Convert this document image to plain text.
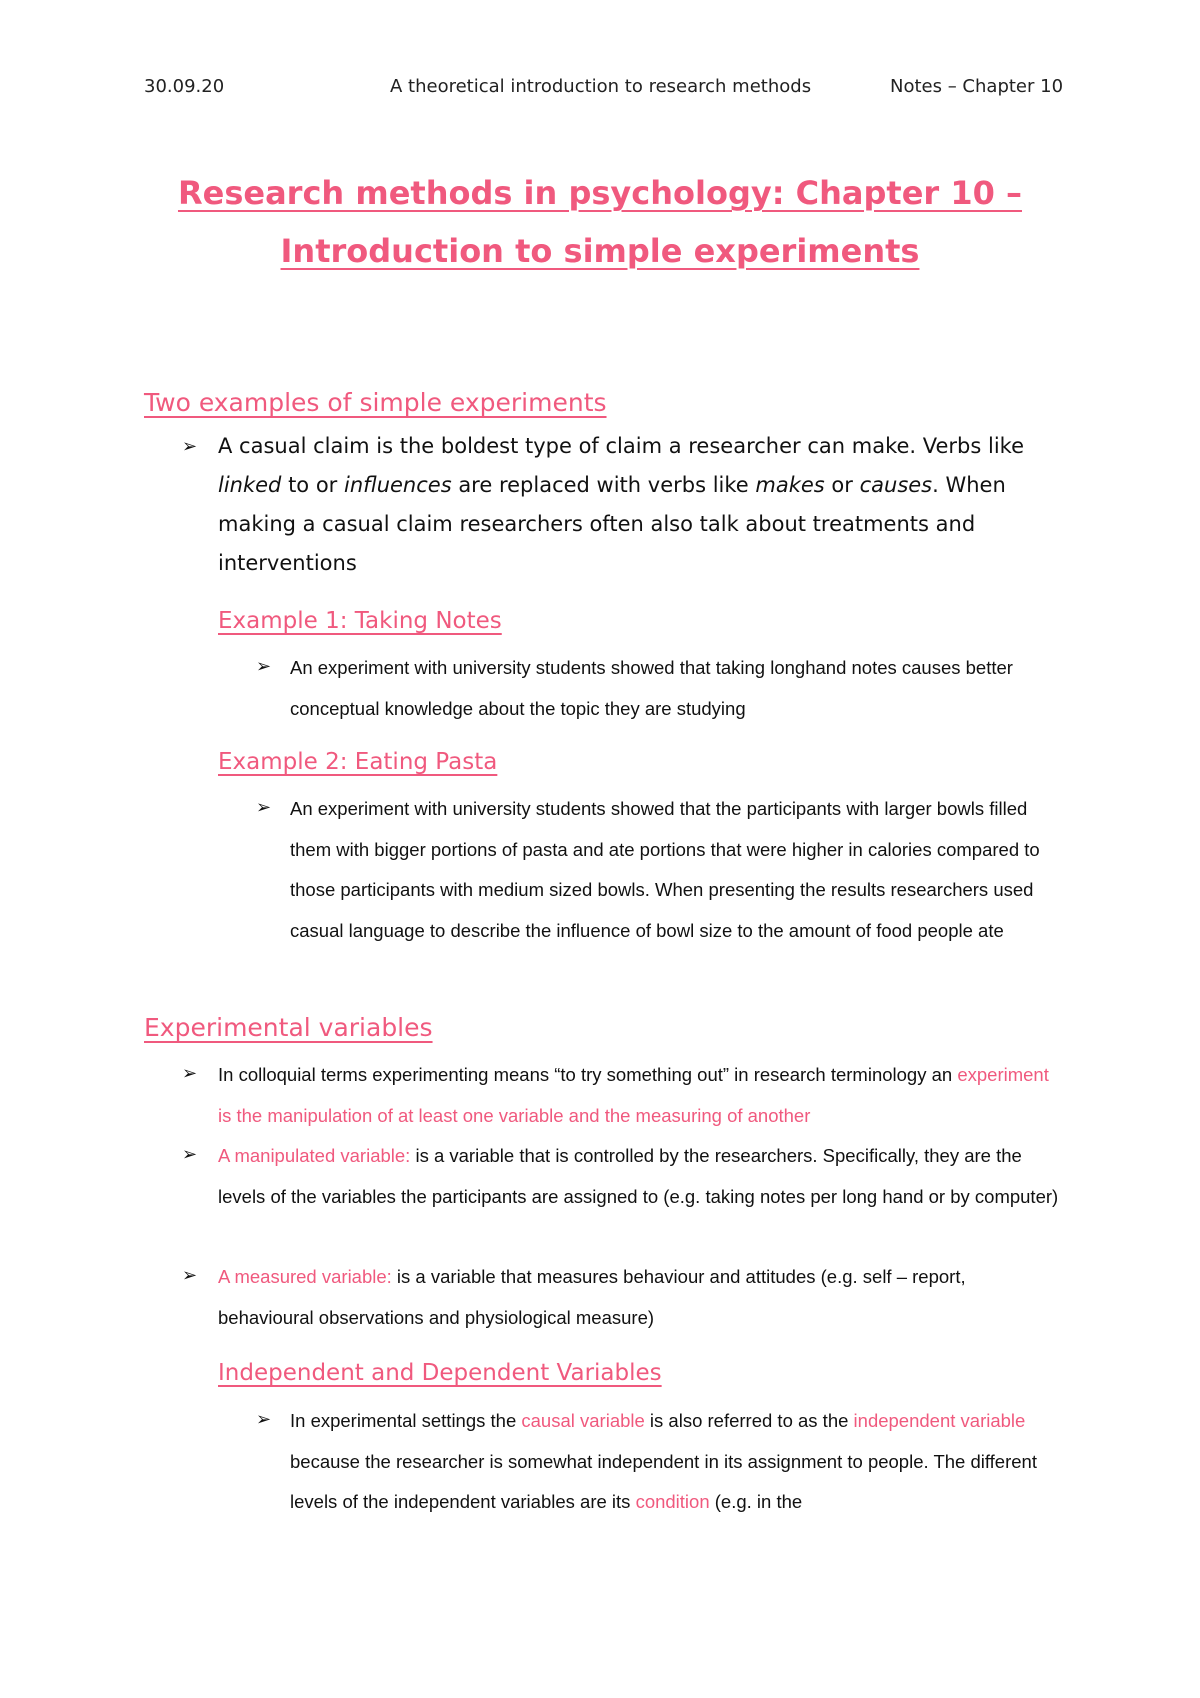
30.09.20	A theoretical introduction to research methods	Notes – Chapter 10
Research methods in psychology: Chapter 10 –
Introduction to simple experiments
Two examples of simple experiments
➢ A casual claim is the boldest type of claim a researcher can make. Verbs like linked to or influences are replaced with verbs like makes or causes. When making a casual claim researchers often also talk about treatments and interventions
Example 1: Taking Notes
➢ An experiment with university students showed that taking longhand notes causes better conceptual knowledge about the topic they are studying
Example 2: Eating Pasta
➢ An experiment with university students showed that the participants with larger bowls filled them with bigger portions of pasta and ate portions that were higher in calories compared to those participants with medium sized bowls. When presenting the results researchers used casual language to describe the influence of bowl size to the amount of food people ate
Experimental variables
➢ In colloquial terms experimenting means “to try something out” in research terminology an experiment is the manipulation of at least one variable and the measuring of another
➢ A manipulated variable: is a variable that is controlled by the researchers. Specifically, they are the levels of the variables the participants are assigned to (e.g. taking notes per long hand or by computer)
➢ A measured variable: is a variable that measures behaviour and attitudes (e.g. self – report, behavioural observations and physiological measure)
Independent and Dependent Variables
➢ In experimental settings the causal variable is also referred to as the independent variable because the researcher is somewhat independent in its assignment to people. The different levels of the independent variables are its condition (e.g. in the
